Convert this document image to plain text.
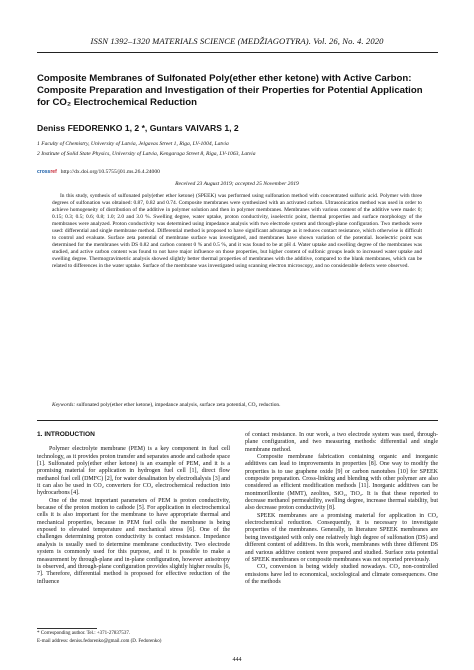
ISSN 1392–1320 MATERIALS SCIENCE (MEDŽIAGOTYRA). Vol. 26, No. 4. 2020
Composite Membranes of Sulfonated Poly(ether ether ketone) with Active Carbon: Composite Preparation and Investigation of their Properties for Potential Application for CO₂ Electrochemical Reduction
Deniss FEDORENKO 1, 2 *, Guntars VAIVARS 1, 2
1 Faculty of Chemistry, University of Latvia, Jelgavas Street 1, Riga, LV-1004, Latvia
2 Institute of Solid State Physics, University of Latvia, Kengaraga Street 8, Riga, LV-1063, Latvia
crossref http://dx.doi.org/10.5755/j01.ms.26.4.24000
Received 23 August 2019; accepted 25 November 2019
In this study, synthesis of sulfonated poly(ether ether ketone) (SPEEK) was performed using sulfonation method with concentrated sulfuric acid. Polymer with three degrees of sulfonation was obtained: 0.87, 0.82 and 0.74. Composite membranes were synthesized with an activated carbon. Ultrasonication method was used in order to achieve homogeneity of distribution of the additive in polymer solution and then in polymer membranes. Membranes with various content of the additive were made: 0; 0.15; 0.3; 0.5; 0.6; 0.8; 1.0; 2.0 and 3.0 %. Swelling degree, water uptake, proton conductivity, isoelectric point, thermal properties and surface morphology of the membranes were analyzed. Proton conductivity was determined using impedance analysis with two electrode system and through-plane configuration. Two methods were used: differential and single membrane method. Differential method is proposed to have significant advantage as it reduces contact resistance, which otherwise is difficult to control and evaluate. Surface zeta potential of membrane surface was investigated, and membranes have shown variation of the potential. Isoelectric point was determined for the membranes with DS 0.82 and carbon content 0 % and 0.5 %, and it was found to be at pH 4. Water uptake and swelling degree of the membranes was studied, and active carbon content was found to not have major influence on those properties, but higher content of sulfonic groups leads to increased water uptake and swelling degree. Thermogravimetric analysis showed slightly better thermal properties of membranes with the additive, compared to the blank membranes, which can be related to differences in the water uptake. Surface of the membrane was investigated using scanning electron microscopy, and no considerable defects were observed.
Keywords: sulfonated poly(ether ether ketone), impedance analysis, surface zeta potential, CO₂ reduction.
1. INTRODUCTION

Polymer electrolyte membrane (PEM) is a key component in fuel cell technology, as it provides proton transfer and separates anode and cathode space [1]. Sulfonated poly(ether ether ketone) is an example of PEM, and it is a promising material for application in hydrogen fuel cell [1], direct flow methanol fuel cell (DMFC) [2], for water desalination by electrodialysis [3] and it can also be used in CO₂ converters for CO₂ electrochemical reduction into hydrocarbons [4].

One of the most important parameters of PEM is proton conductivity, because of the proton motion to cathode [5]. For application in electrochemical cells it is also important for the membrane to have appropriate thermal and mechanical properties, because in PEM fuel cells the membrane is being exposed to elevated temperature and mechanical stress [6]. One of the challenges determining proton conductivity is contact resistance. Impedance analysis is usually used to determine membrane conductivity. Two electrode system is commonly used for this purpose, and it is possible to make a measurement by through-plane and in-plane configuration, however anisotropy is observed, and through-plane configuration provides slightly higher results [6, 7]. Therefore, differential method is proposed for effective reduction of the influence

of contact resistance. In our work, a two electrode system was used, through-plane configuration, and two measuring methods: differential and single membrane method.

Composite membrane fabrication containing organic and inorganic additives can lead to improvements in properties [8]. One way to modify the properties is to use graphene oxide [9] or carbon nanotubes [10] for SPEEK composite preparation. Cross-linking and blending with other polymer are also considered as efficient modification methods [11]. Inorganic additives can be montmorillonite (MMT), zeolites, SiO₂, TiO₂. It is that these reported to decrease methanol permeability, swelling degree, increase thermal stability, but also decrease proton conductivity [8].

SPEEK membranes are a promising material for application in CO₂ electrochemical reduction. Consequently, it is necessary to investigate properties of the membranes. Generally, in literature SPEEK membranes are being investigated with only one relatively high degree of sulfonation (DS) and different content of additives. In this work, membranes with three different DS and various additive content were prepared and studied. Surface zeta potential of SPEEK membranes or composite membranes was not reported previously.

CO₂ conversion is being widely studied nowadays. CO₂ non-controlled emissions have led to economical, sociological and climate consequences. One of the methods

* Corresponding author. Tel.: +371-27837537.
E-mail address: deniss.fedorenko@gmail.com (D. Fedorenko)
444
